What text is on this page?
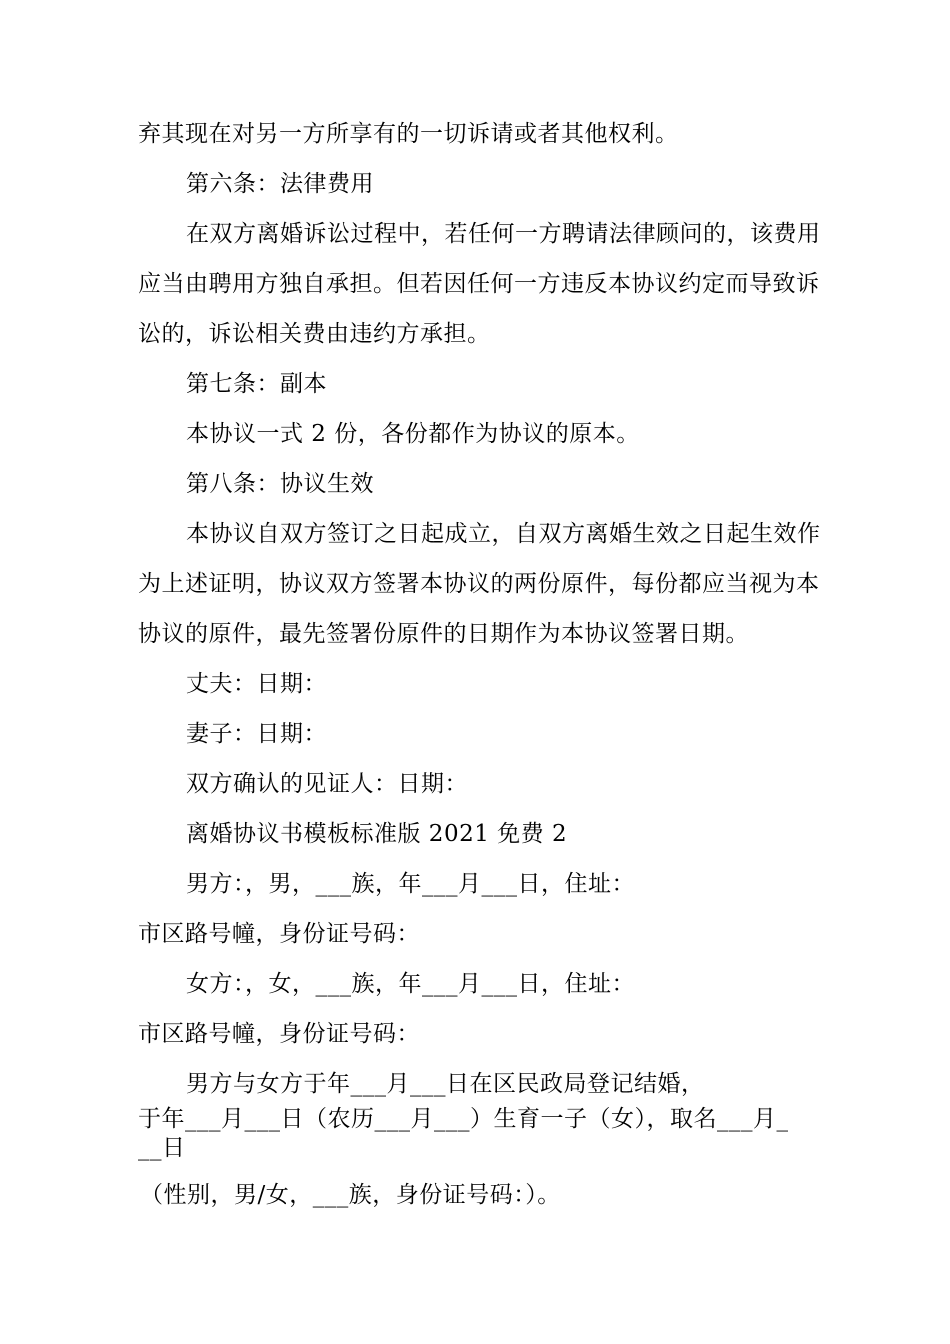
弃其现在对另一方所享有的一切诉请或者其他权利。
第六条：法律费用
在双方离婚诉讼过程中，若任何一方聘请法律顾问的，该费用
应当由聘用方独自承担。但若因任何一方违反本协议约定而导致诉
讼的，诉讼相关费由违约方承担。
第七条：副本
本协议一式 2 份，各份都作为协议的原本。
第八条：协议生效
本协议自双方签订之日起成立，自双方离婚生效之日起生效作
为上述证明，协议双方签署本协议的两份原件，每份都应当视为本
协议的原件，最先签署份原件的日期作为本协议签署日期。
丈夫：日期：
妻子：日期：
双方确认的见证人：日期：
离婚协议书模板标准版 2021 免费 2
男方：，男，___族，年___月___日，住址：
市区路号幢，身份证号码：
女方：，女，___族，年___月___日，住址：
市区路号幢，身份证号码：
男方与女方于年___月___日在区民政局登记结婚，
于年___月___日（农历___月___）生育一子（女），取名___月_
__日
（性别，男/女，___族，身份证号码：）。
